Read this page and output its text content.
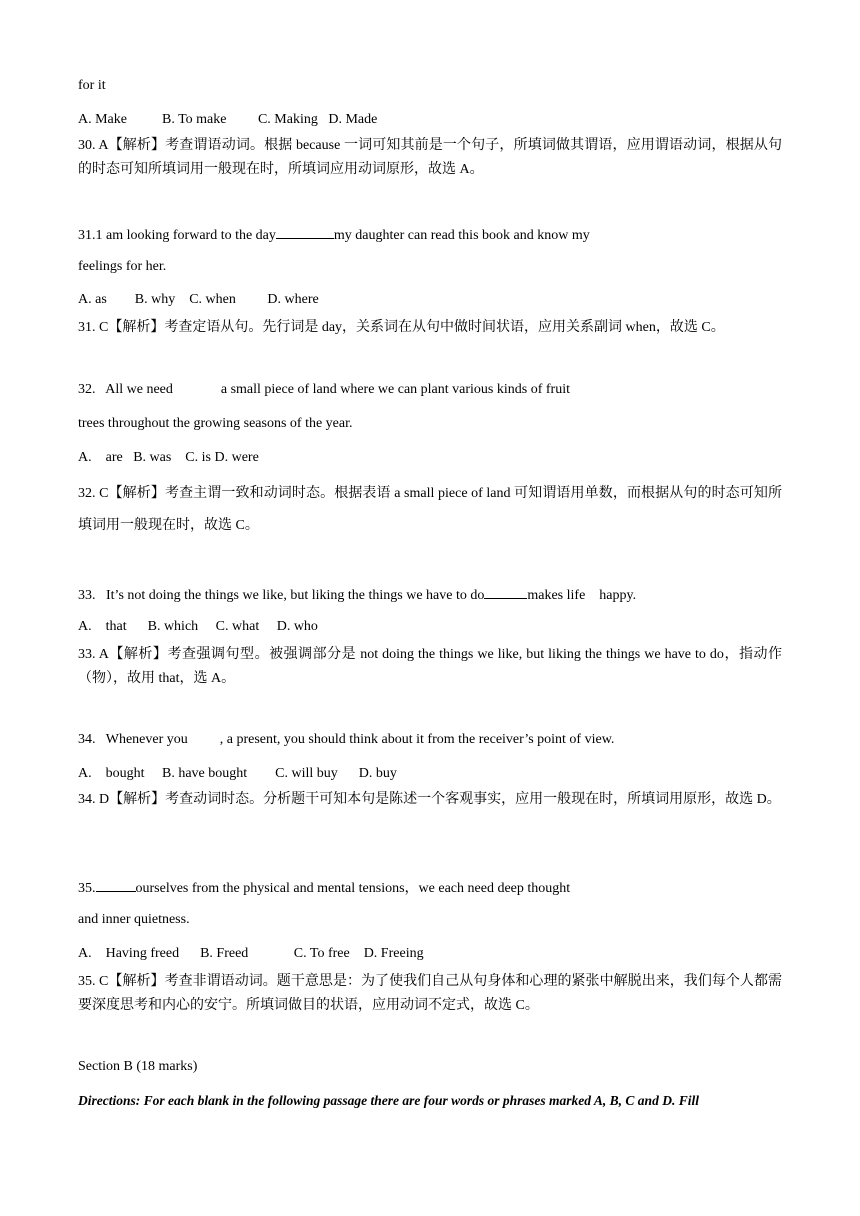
for it
A. Make          B. To make         C. Making   D. Made
30. A【解析】考查谓语动词。根据 because 一词可知其前是一个句子，所填词做其谓语，应用谓语动词，根据从句的时态可知所填词用一般现在时，所填词应用动词原形，故选 A。
31.1 am looking forward to the day	my daughter can read this book and know my
feelings for her.
A. as        B. why    C. when         D. where
31. C【解析】考查定语从句。先行词是 day，关系词在从句中做时间状语，应用关系副词 when，故选 C。
32.   All we need	a small piece of land where we can plant various kinds of fruit
trees throughout the growing seasons of the year.
A.    are   B. was    C. is D. were
32. C【解析】考查主谓一致和动词时态。根据表语 a small piece of land 可知谓语用单数，而根据从句的时态可知所填词用一般现在时，故选 C。
33.   It’s not doing the things we like, but liking the things we have to do	makes life    happy.
A.    that      B. which     C. what     D. who
33. A【解析】考查强调句型。被强调部分是 not doing the things we like, but liking the things we have to do，指动作（物），故用 that，选 A。
34.   Whenever you , a present, you should think about it from the receiver’s point of view.
A.    bought     B. have bought        C. will buy      D. buy
34. D【解析】考查动词时态。分析题干可知本句是陈述一个客观事实，应用一般现在时，所填词用原形，故选 D。
35.	ourselves from the physical and mental tensions，we each need deep thought
and inner quietness.
A.    Having freed      B. Freed             C. To free    D. Freeing
35. C【解析】考查非谓语动词。题干意思是：为了使我们自己从句身体和心理的紧张中解脱出来，我们每个人都需要深度思考和内心的安宁。所填词做目的状语，应用动词不定式，故选 C。
Section B (18 marks)
Directions: For each blank in the following passage there are four words or phrases marked A, B, C and D. Fill
